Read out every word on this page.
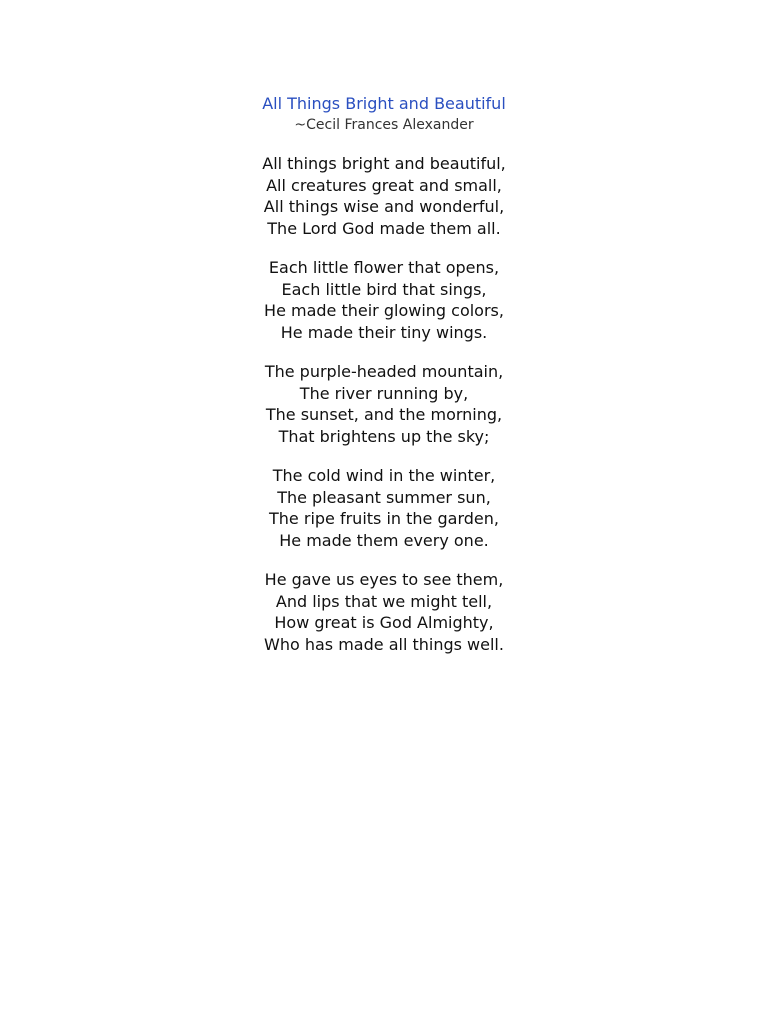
All Things Bright and Beautiful
~Cecil Frances Alexander
All things bright and beautiful,
All creatures great and small,
All things wise and wonderful,
The Lord God made them all.
Each little flower that opens,
Each little bird that sings,
He made their glowing colors,
He made their tiny wings.
The purple-headed mountain,
The river running by,
The sunset, and the morning,
That brightens up the sky;
The cold wind in the winter,
The pleasant summer sun,
The ripe fruits in the garden,
He made them every one.
He gave us eyes to see them,
And lips that we might tell,
How great is God Almighty,
Who has made all things well.
